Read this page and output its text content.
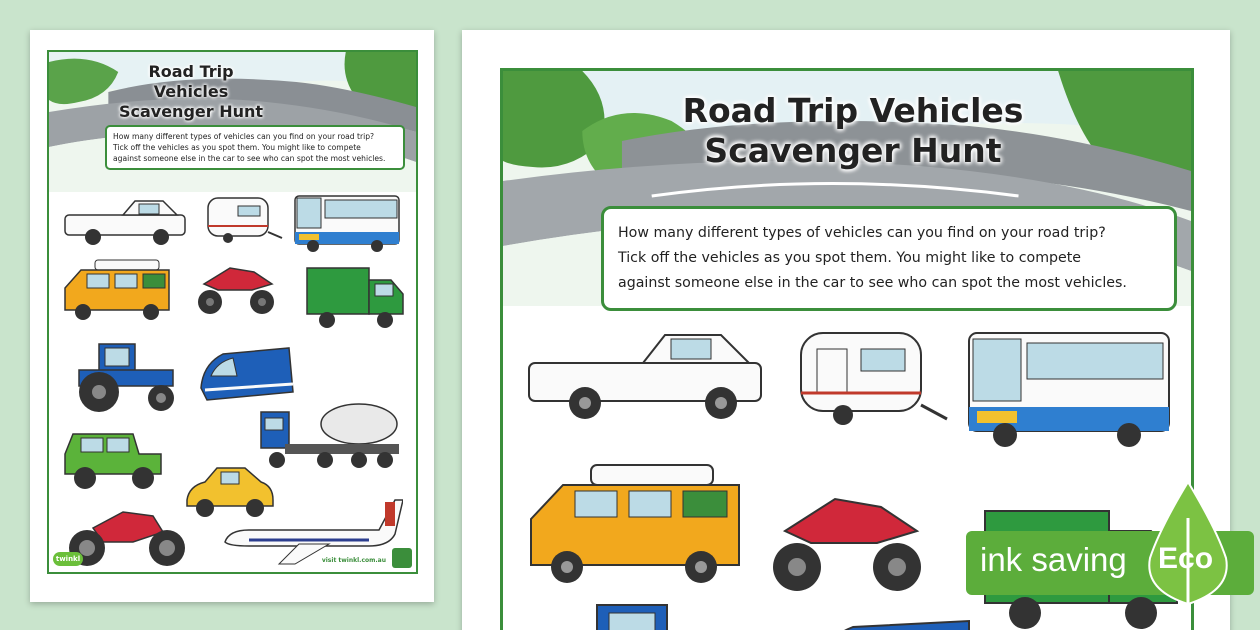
Road Trip Vehicles
Scavenger Hunt

How many different types of vehicles can you find on your road trip?

Tick off the vehicles as you spot them. You might like to compete

against someone else in the car to see who can spot the most vehicles.

twinkl	visit twinkl.com.au
Road Trip Vehicles
Scavenger Hunt

How many different types of vehicles can you find on your road trip?

Tick off the vehicles as you spot them. You might like to compete

against someone else in the car to see who can spot the most vehicles.

ink saving Eco
